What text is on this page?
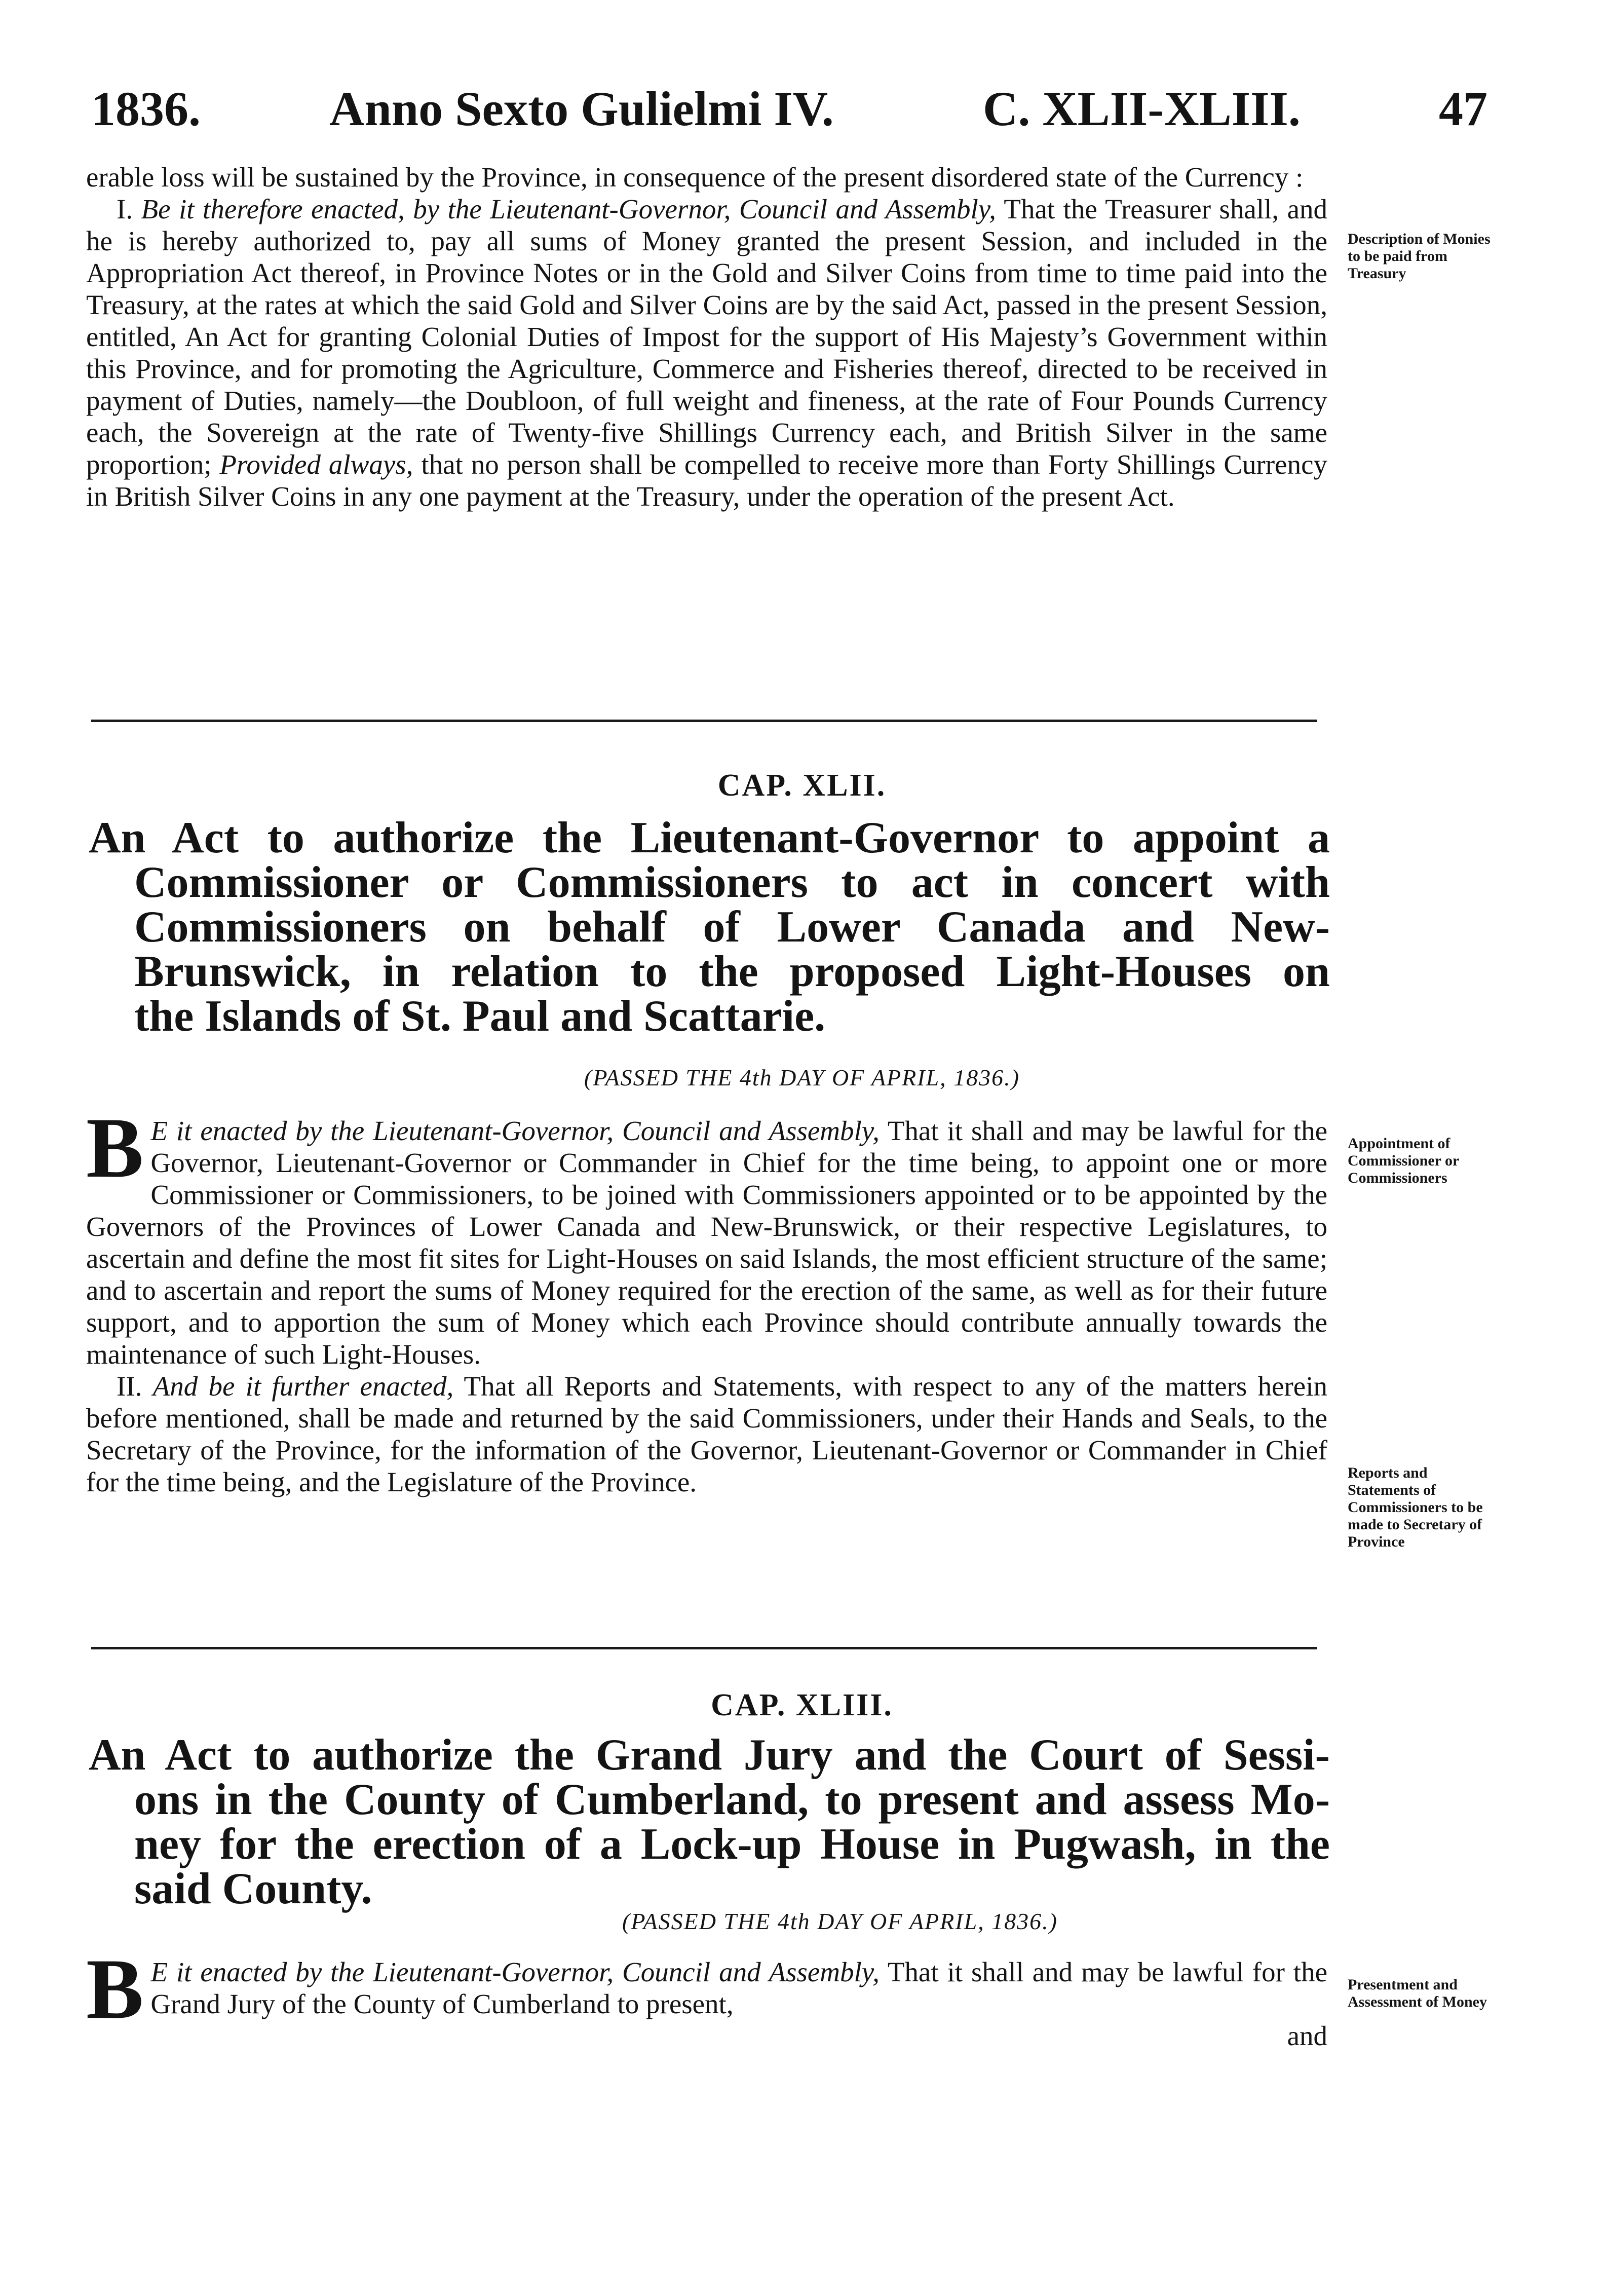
1836.	Anno Sexto Gulielmi IV.	C. XLII-XLIII.	47

erable loss will be sustained by the Province, in consequence of the present disordered state of the Currency :

I. Be it therefore enacted, by the Lieutenant-Governor, Council and Assembly, That the Treasurer shall, and he is hereby authorized to, pay all sums of Money granted the present Session, and included in the Appropriation Act thereof, in Province Notes or in the Gold and Silver Coins from time to time paid into the Treasury, at the rates at which the said Gold and Silver Coins are by the said Act, passed in the present Session, entitled, An Act for granting Colonial Duties of Impost for the support of His Majesty’s Government within this Province, and for promoting the Agriculture, Commerce and Fisheries thereof, directed to be received in payment of Duties, namely—the Doubloon, of full weight and fineness, at the rate of Four Pounds Currency each, the Sovereign at the rate of Twenty-five Shillings Currency each, and British Silver in the same proportion; Provided always, that no person shall be compelled to receive more than Forty Shillings Currency in British Silver Coins in any one payment at the Treasury, under the operation of the present Act.

Description of Monies to be paid from Treasury
CAP. XLII.
An Act to authorize the Lieutenant-Governor to appoint a
Commissioner or Commissioners to act in concert with
Commissioners on behalf of Lower Canada and New-
Brunswick, in relation to the proposed Light-Houses on
the Islands of St. Paul and Scattarie.
(PASSED THE 4th DAY OF APRIL, 1836.)

B E it enacted by the Lieutenant-Governor, Council and Assembly, That it shall and may be lawful for the Governor, Lieutenant-Governor or Commander in Chief for the time being, to appoint one or more Commissioner or Commissioners, to be joined with Commissioners appointed or to be appointed by the Governors of the Provinces of Lower Canada and New-Brunswick, or their respective Legislatures, to ascertain and define the most fit sites for Light-Houses on said Islands, the most efficient structure of the same; and to ascertain and report the sums of Money required for the erection of the same, as well as for their future support, and to apportion the sum of Money which each Province should contribute annually towards the maintenance of such Light-Houses.

II. And be it further enacted, That all Reports and Statements, with respect to any of the matters herein before mentioned, shall be made and returned by the said Commissioners, under their Hands and Seals, to the Secretary of the Province, for the information of the Governor, Lieutenant-Governor or Commander in Chief for the time being, and the Legislature of the Province.

Appointment of Commissioner or Commissioners
Reports and Statements of Commissioners to be made to Secretary of Province
CAP. XLIII.
An Act to authorize the Grand Jury and the Court of Sessi-
ons in the County of Cumberland, to present and assess Mo-
ney for the erection of a Lock-up House in Pugwash, in the
said County.
(PASSED THE 4th DAY OF APRIL, 1836.)

B E it enacted by the Lieutenant-Governor, Council and Assembly, That it shall and may be lawful for the Grand Jury of the County of Cumberland to present,

and

Presentment and Assessment of Money
